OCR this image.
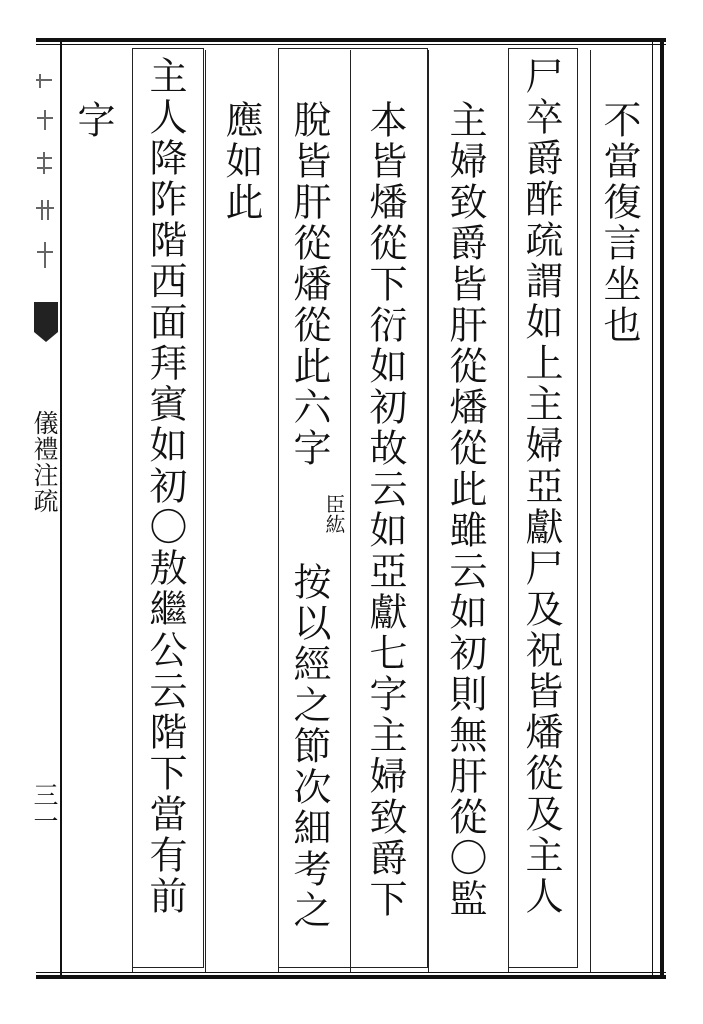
不當復言坐也
尸卒爵酢疏謂如上主婦亞獻尸及祝皆燔從及主人
主婦致爵皆肝從燔從此雖云如初則無肝從〇監
本皆燔從下衍如初故云如亞獻七字主婦致爵下
脫皆肝從燔從此六字
臣紘
按以經之節次細考之
應如此
主人降阼階西面拜賓如初〇敖繼公云階下當有前
字
儀禮注疏
三一
